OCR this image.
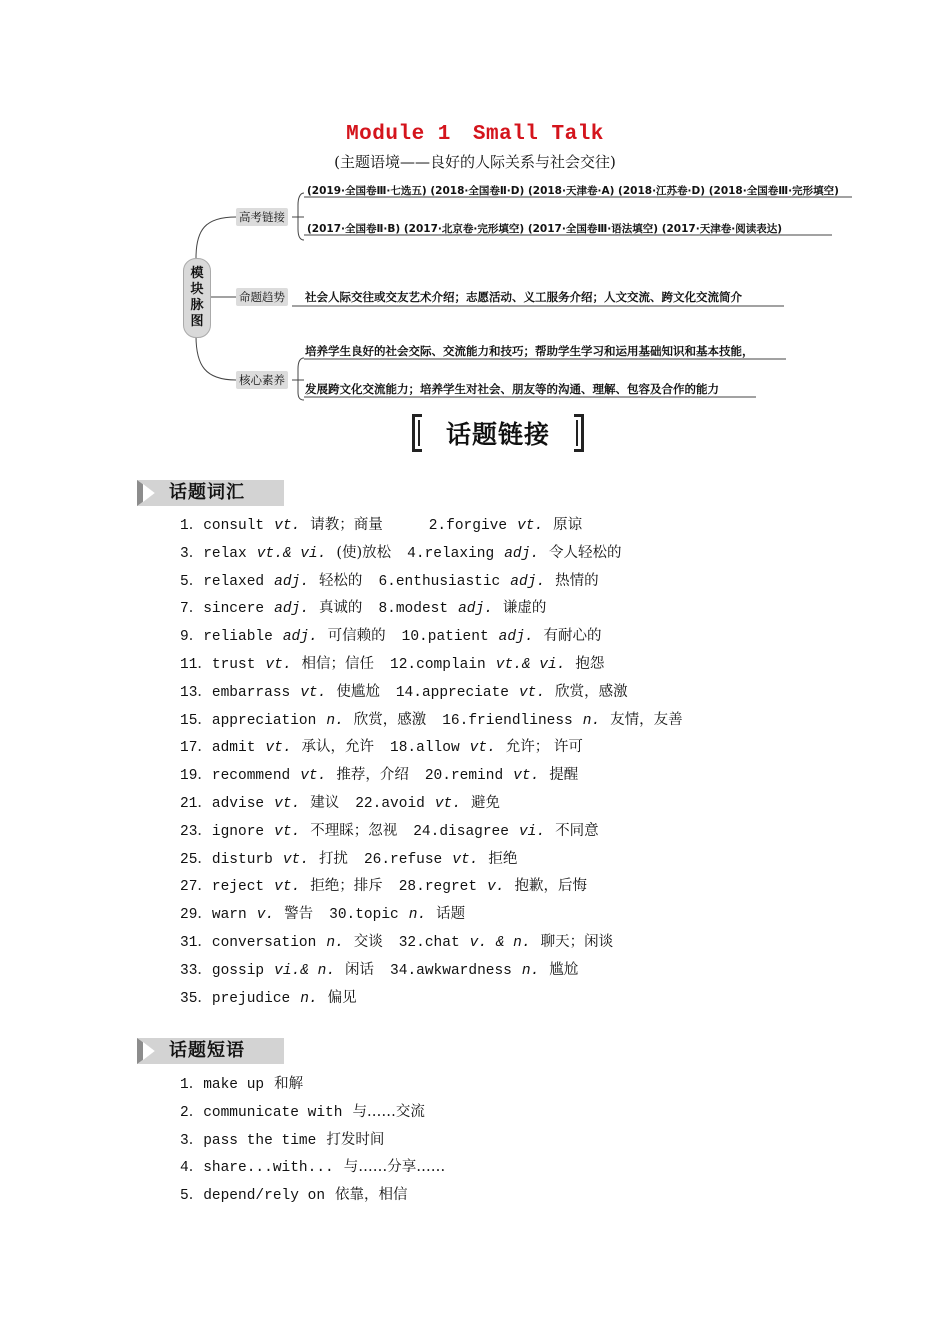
Module 1 Small Talk
(主题语境——良好的人际关系与社会交往)
模
块
脉
图
高考链接
(2019·全国卷Ⅲ·七选五) (2018·全国卷Ⅱ·D) (2018·天津卷·A) (2018·江苏卷·D) (2018·全国卷Ⅲ·完形填空)
(2017·全国卷Ⅱ·B) (2017·北京卷·完形填空) (2017·全国卷Ⅲ·语法填空) (2017·天津卷·阅读表达)
命题趋势 社会人际交往或交友艺术介绍；志愿活动、义工服务介绍；人文交流、跨文化交流简介
核心素养
培养学生良好的社会交际、交流能力和技巧；帮助学生学习和运用基础知识和基本技能，
发展跨文化交流能力；培养学生对社会、朋友等的沟通、理解、包容及合作的能力
话题链接
话题词汇
1．consult vt. 请教；商量	2.forgive vt. 原谅
3．relax vt.& vi. (使)放松 4.relaxing adj. 令人轻松的
5．relaxed adj. 轻松的 6.enthusiastic adj. 热情的
7．sincere adj. 真诚的 8.modest adj. 谦虚的
9．reliable adj. 可信赖的 10.patient adj. 有耐心的
11．trust vt. 相信；信任 12.complain vt.& vi. 抱怨
13．embarrass vt. 使尴尬 14.appreciate vt. 欣赏，感激
15．appreciation n. 欣赏，感激 16.friendliness n. 友情，友善
17．admit vt. 承认，允许 18.allow vt. 允许； 许可
19．recommend vt. 推荐，介绍 20.remind vt. 提醒
21．advise vt. 建议 22.avoid vt. 避免
23．ignore vt. 不理睬；忽视 24.disagree vi. 不同意
25．disturb vt. 打扰 26.refuse vt. 拒绝
27．reject vt. 拒绝；排斥 28.regret v. 抱歉，后悔
29．warn v. 警告 30.topic n. 话题
31．conversation n. 交谈 32.chat v. & n. 聊天；闲谈
33．gossip vi.& n. 闲话 34.awkwardness n. 尴尬
35．prejudice n. 偏见
话题短语
1．make up 和解
2．communicate with 与……交流
3．pass the time 打发时间
4．share...with... 与……分享……
5．depend/rely on 依靠，相信
